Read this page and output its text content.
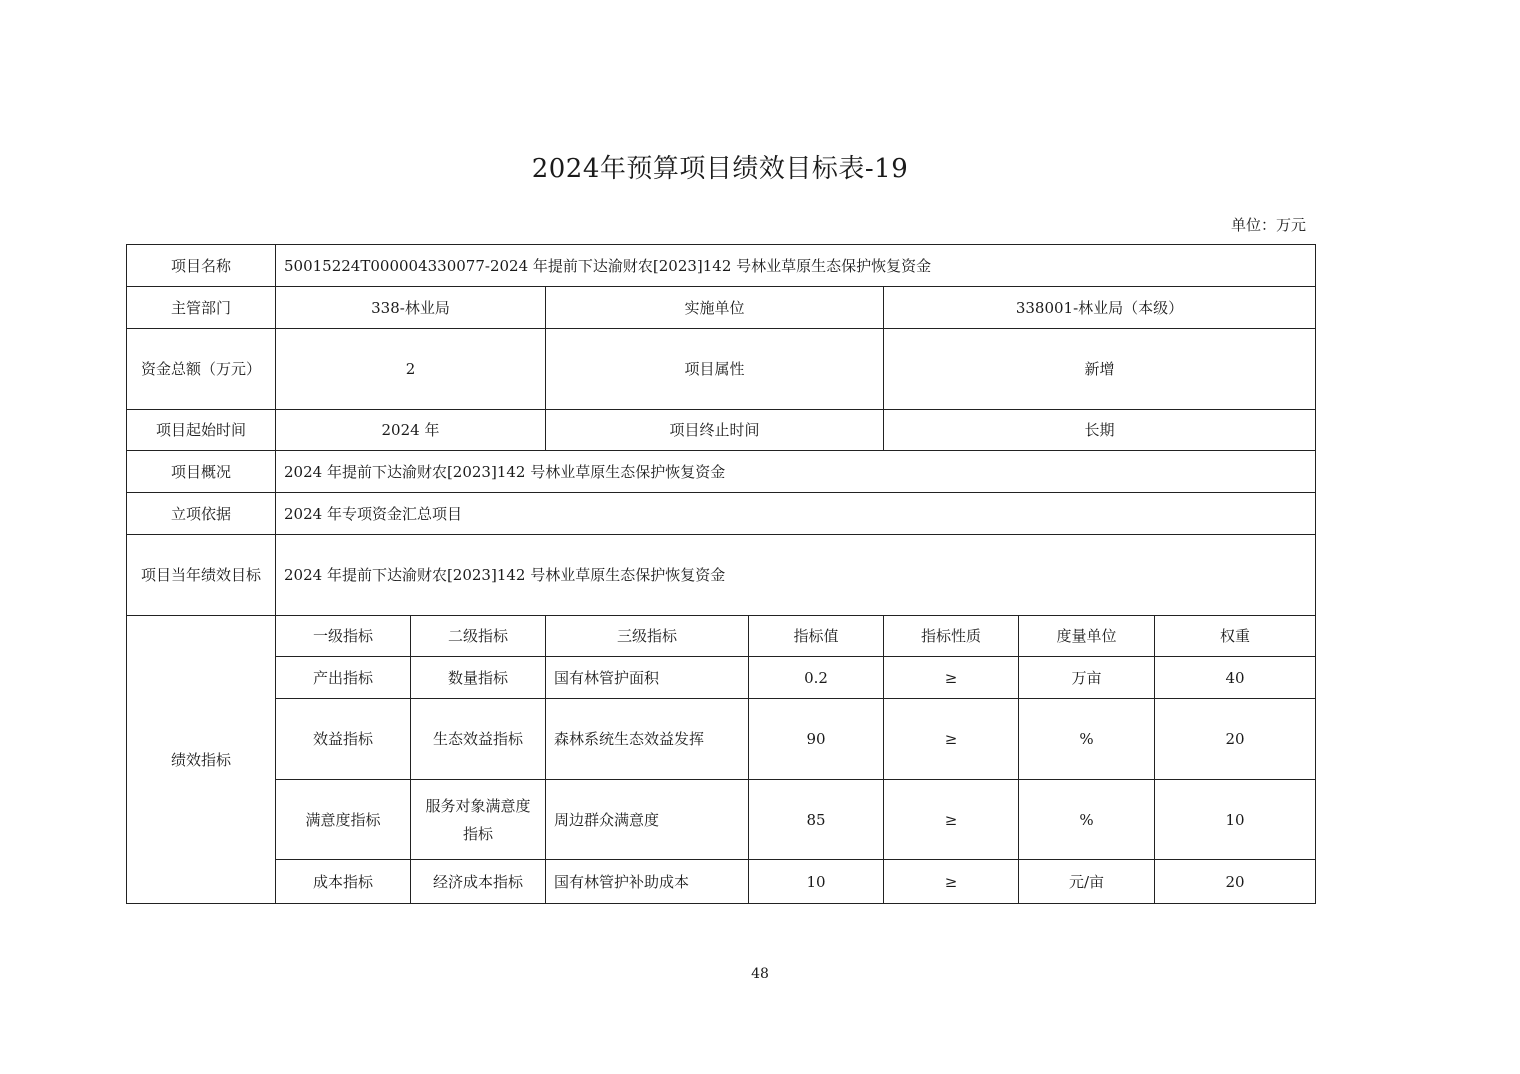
2024年预算项目绩效目标表-19
单位：万元
项目名称	50015224T000004330077-2024 年提前下达渝财农[2023]142 号林业草原生态保护恢复资金						
主管部门	338-林业局		实施单位		338001-林业局（本级）		
资金总额（万元）	2		项目属性		新增		
项目起始时间	2024 年		项目终止时间		长期		
项目概况	2024 年提前下达渝财农[2023]142 号林业草原生态保护恢复资金						
立项依据	2024 年专项资金汇总项目						
项目当年绩效目标	2024 年提前下达渝财农[2023]142 号林业草原生态保护恢复资金						
绩效指标	一级指标	二级指标	三级指标	指标值	指标性质	度量单位	权重
	产出指标	数量指标	国有林管护面积	0.2	≥	万亩	40
	效益指标	生态效益指标	森林系统生态效益发挥	90	≥	%	20
	满意度指标	服务对象满意度指标	周边群众满意度	85	≥	%	10
	成本指标	经济成本指标	国有林管护补助成本	10	≥	元/亩	20
48
